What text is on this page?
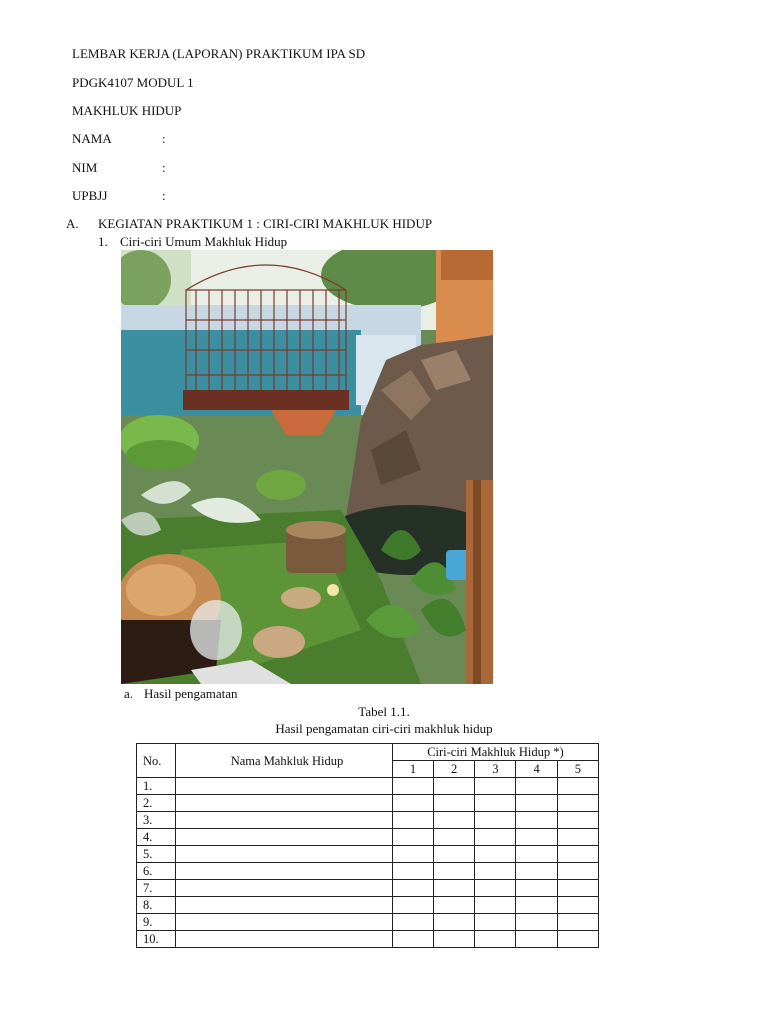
LEMBAR KERJA (LAPORAN) PRAKTIKUM IPA SD
PDGK4107 MODUL 1
MAKHLUK HIDUP
NAMA	:
NIM	:
UPBJJ	:
A. KEGIATAN PRAKTIKUM 1 : CIRI-CIRI MAKHLUK HIDUP
1. Ciri-ciri Umum Makhluk Hidup
a. Hasil pengamatan
Tabel 1.1.
Hasil pengamatan ciri-ciri makhluk hidup
No.	Nama Mahkluk Hidup	Ciri-ciri Makhluk Hidup *)				
		1	2	3	4	5
1.						
2.						
3.						
4.						
5.						
6.						
7.						
8.						
9.						
10.						
